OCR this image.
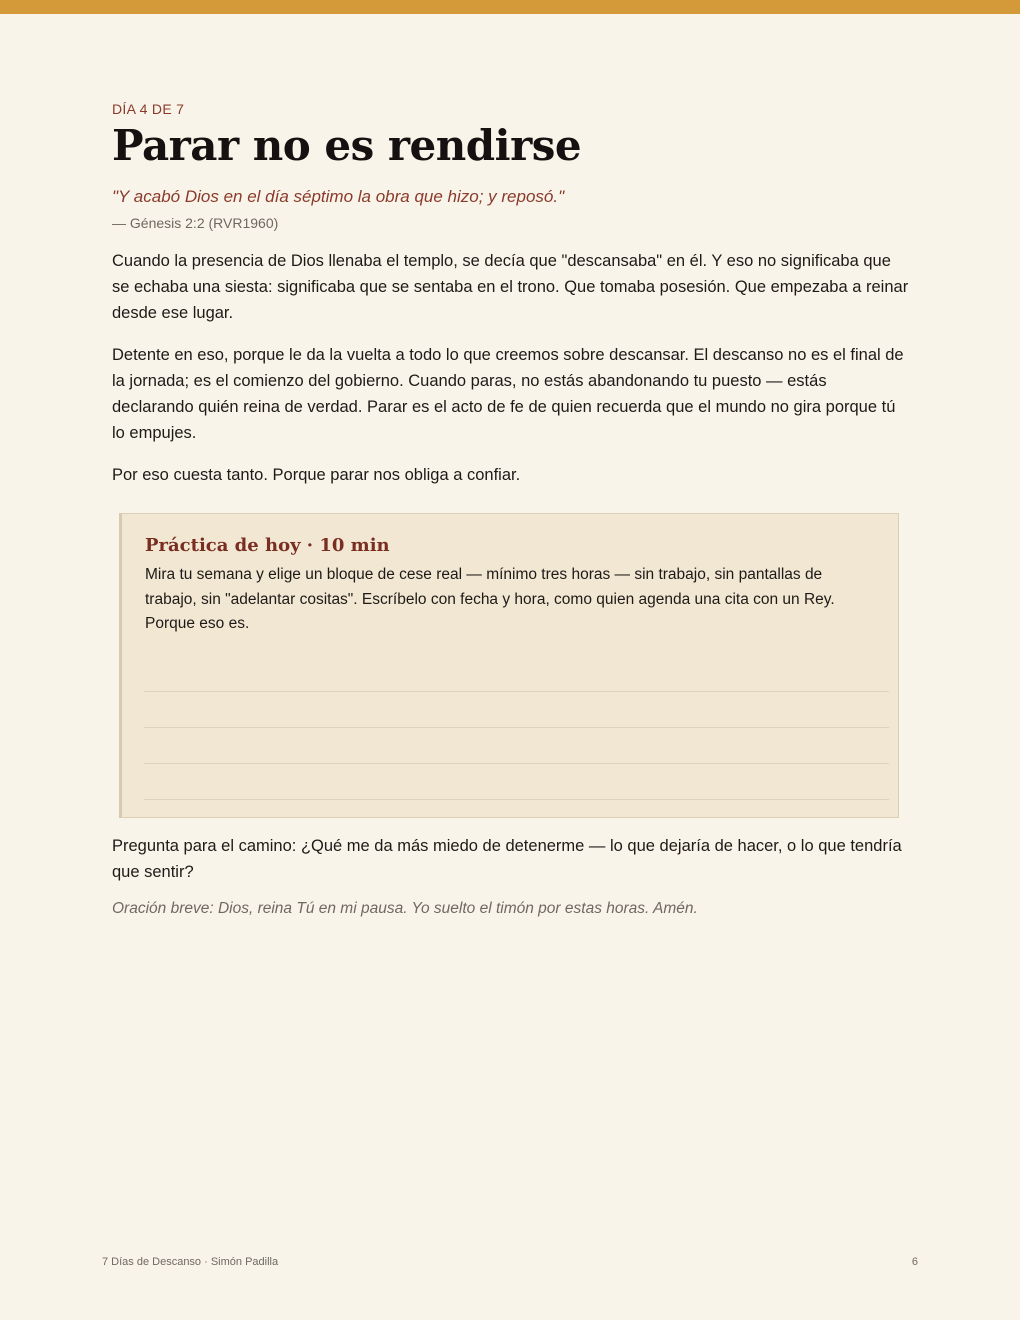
DÍA 4 DE 7

Parar no es rendirse

"Y acabó Dios en el día séptimo la obra que hizo; y reposó."

— Génesis 2:2 (RVR1960)

Cuando la presencia de Dios llenaba el templo, se decía que "descansaba" en él. Y eso no significaba que se echaba una siesta: significaba que se sentaba en el trono. Que tomaba posesión. Que empezaba a reinar desde ese lugar.

Detente en eso, porque le da la vuelta a todo lo que creemos sobre descansar. El descanso no es el final de la jornada; es el comienzo del gobierno. Cuando paras, no estás abandonando tu puesto — estás declarando quién reina de verdad. Parar es el acto de fe de quien recuerda que el mundo no gira porque tú lo empujes.

Por eso cuesta tanto. Porque parar nos obliga a confiar.

Práctica de hoy · 10 min

Mira tu semana y elige un bloque de cese real — mínimo tres horas — sin trabajo, sin pantallas de trabajo, sin "adelantar cositas". Escríbelo con fecha y hora, como quien agenda una cita con un Rey. Porque eso es.

Pregunta para el camino: ¿Qué me da más miedo de detenerme — lo que dejaría de hacer, o lo que tendría que sentir?

Oración breve: Dios, reina Tú en mi pausa. Yo suelto el timón por estas horas. Amén.

7 Días de Descanso · Simón Padilla	6
